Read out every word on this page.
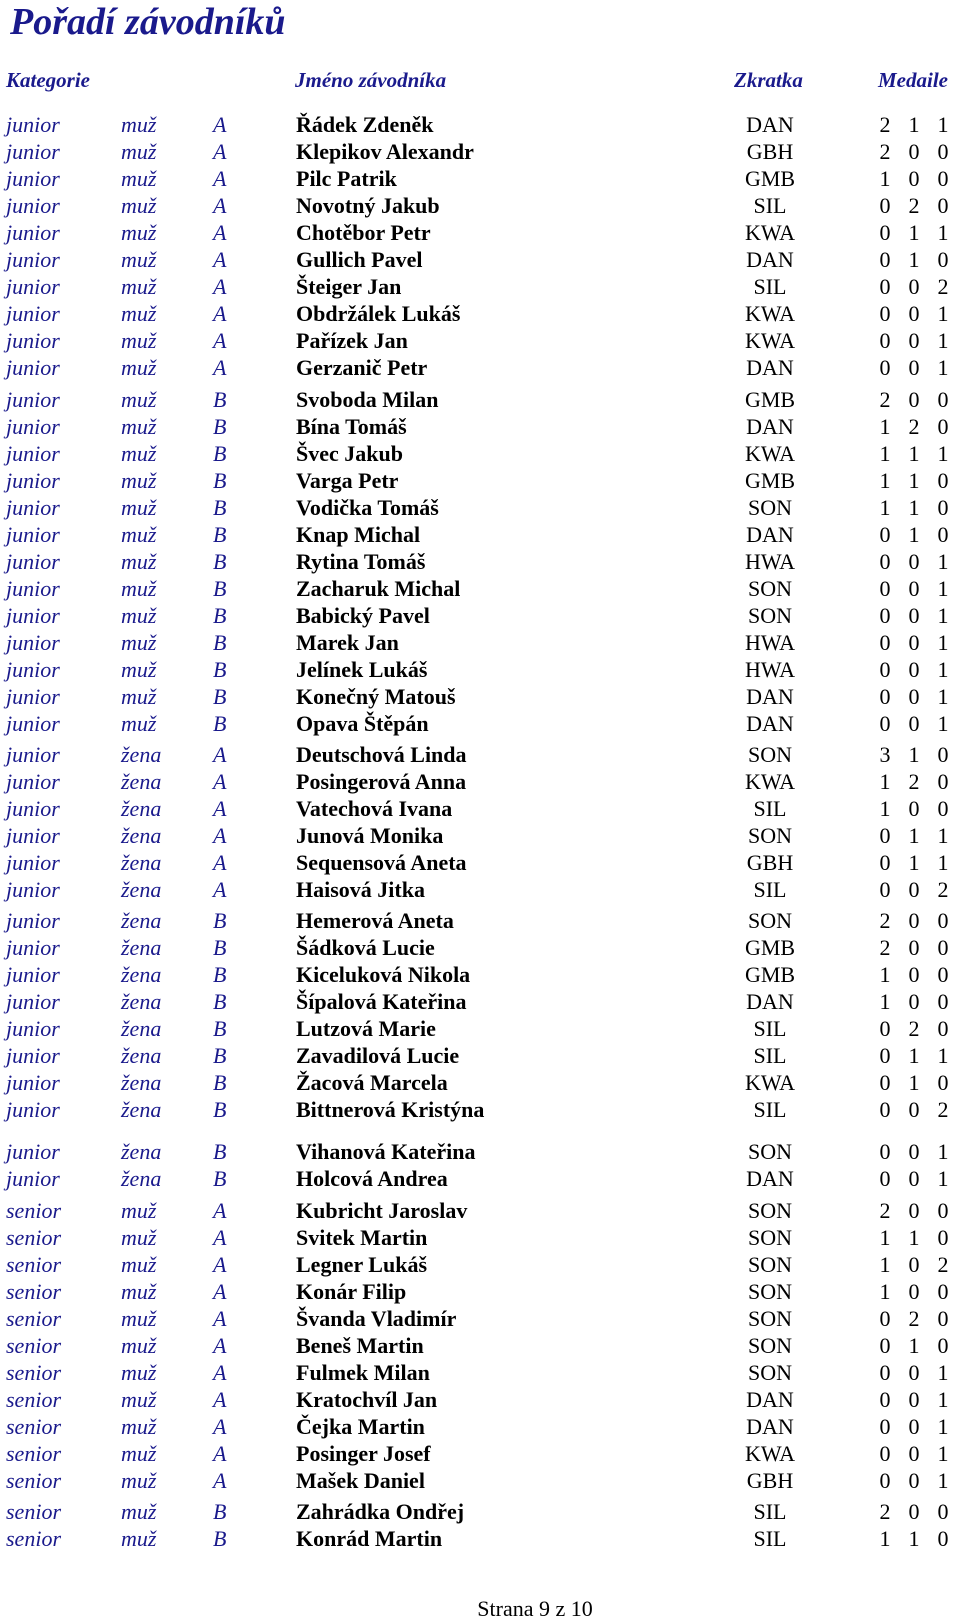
Pořadí závodníků
Kategorie	Jméno závodníka	Zkratka	Medaile
junior	muž	A	Řádek Zdeněk	DAN	2 1 1
junior	muž	A	Klepikov Alexandr	GBH	2 0 0
junior	muž	A	Pilc Patrik	GMB	1 0 0
junior	muž	A	Novotný Jakub	SIL	0 2 0
junior	muž	A	Chotěbor Petr	KWA	0 1 1
junior	muž	A	Gullich Pavel	DAN	0 1 0
junior	muž	A	Šteiger Jan	SIL	0 0 2
junior	muž	A	Obdržálek Lukáš	KWA	0 0 1
junior	muž	A	Pařízek Jan	KWA	0 0 1
junior	muž	A	Gerzanič Petr	DAN	0 0 1
junior	muž	B	Svoboda Milan	GMB	2 0 0
junior	muž	B	Bína Tomáš	DAN	1 2 0
junior	muž	B	Švec Jakub	KWA	1 1 1
junior	muž	B	Varga Petr	GMB	1 1 0
junior	muž	B	Vodička Tomáš	SON	1 1 0
junior	muž	B	Knap Michal	DAN	0 1 0
junior	muž	B	Rytina Tomáš	HWA	0 0 1
junior	muž	B	Zacharuk Michal	SON	0 0 1
junior	muž	B	Babický Pavel	SON	0 0 1
junior	muž	B	Marek Jan	HWA	0 0 1
junior	muž	B	Jelínek Lukáš	HWA	0 0 1
junior	muž	B	Konečný Matouš	DAN	0 0 1
junior	muž	B	Opava Štěpán	DAN	0 0 1
junior	žena A	Deutschová Linda	SON	3 1 0
junior	žena A	Posingerová Anna	KWA	1 2 0
junior	žena A	Vatechová Ivana	SIL	1 0 0
junior	žena A	Junová Monika	SON	0 1 1
junior	žena A	Sequensová Aneta	GBH	0 1 1
junior	žena A	Haisová Jitka	SIL	0 0 2
junior	žena B	Hemerová Aneta	SON	2 0 0
junior	žena B	Šádková Lucie	GMB	2 0 0
junior	žena B	Kiceluková Nikola	GMB	1 0 0
junior	žena B	Šípalová Kateřina	DAN	1 0 0
junior	žena B	Lutzová Marie	SIL	0 2 0
junior	žena B	Zavadilová Lucie	SIL	0 1 1
junior	žena B	Žacová Marcela	KWA	0 1 0
junior	žena B	Bittnerová Kristýna	SIL	0 0 2
junior	žena B	Vihanová Kateřina	SON	0 0 1
junior	žena B	Holcová Andrea	DAN	0 0 1
senior	muž	A	Kubricht Jaroslav	SON	2 0 0
senior	muž	A	Svitek Martin	SON	1 1 0
senior	muž	A	Legner Lukáš	SON	1 0 2
senior	muž	A	Konár Filip	SON	1 0 0
senior	muž	A	Švanda Vladimír	SON	0 2 0
senior	muž	A	Beneš Martin	SON	0 1 0
senior	muž	A	Fulmek Milan	SON	0 0 1
senior	muž	A	Kratochvíl Jan	DAN	0 0 1
senior	muž	A	Čejka Martin	DAN	0 0 1
senior	muž	A	Posinger Josef	KWA	0 0 1
senior	muž	A	Mašek Daniel	GBH	0 0 1
senior	muž	B	Zahrádka Ondřej	SIL	2 0 0
senior	muž	B	Konrád Martin	SIL	1 1 0
Strana 9 z 10
